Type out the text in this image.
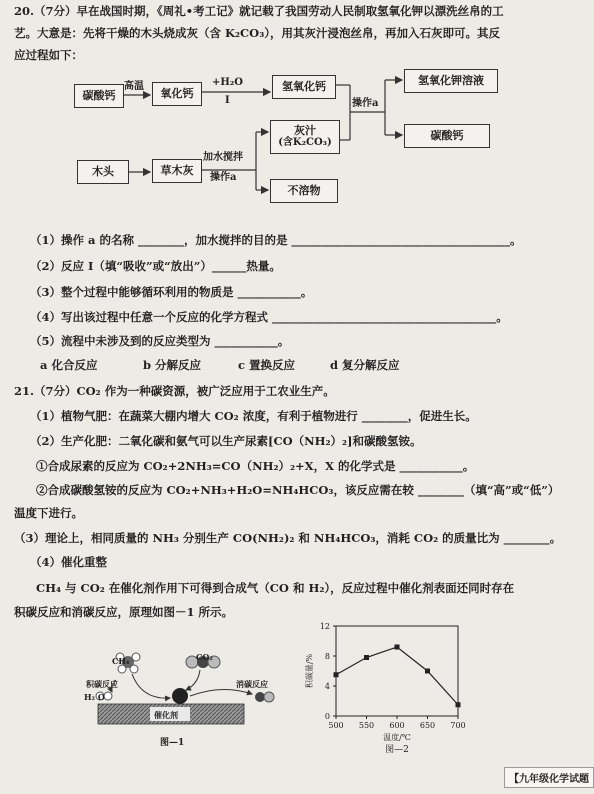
20.（7分）早在战国时期，《周礼•考工记》就记载了我国劳动人民制取氢氧化钾以漂洗丝帛的工
艺。大意是：先将干燥的木头烧成灰（含 K₂CO₃），用其灰汁浸泡丝帛，再加入石灰即可。其反
应过程如下：
碳酸钙
高温
氧化钙
+H₂O
I
氢氧化钙
操作a
氢氧化钾溶液
碳酸钙
灰汁
(含K₂CO₃)
木头	草木灰
加水搅拌
操作a
不溶物
（1）操作 a 的名称 ________，加水搅拌的目的是 ______________________________________。
（2）反应 I（填“吸收”或“放出”）______热量。
（3）整个过程中能够循环利用的物质是 ___________。
（4）写出该过程中任意一个反应的化学方程式 _______________________________________。
（5）流程中未涉及到的反应类型为 ___________。
a 化合反应	b 分解反应	c 置换反应	d 复分解反应
21.（7分）CO₂ 作为一种碳资源，被广泛应用于工农业生产。
（1）植物气肥：在蔬菜大棚内增大 CO₂ 浓度，有利于植物进行 ________，促进生长。
（2）生产化肥：二氧化碳和氨气可以生产尿素[CO（NH₂）₂]和碳酸氢铵。
①合成尿素的反应为 CO₂+2NH₃=CO（NH₂）₂+X，X 的化学式是 ___________。
②合成碳酸氢铵的反应为 CO₂+NH₃+H₂O=NH₄HCO₃，该反应需在较 ________（填“高”或“低”）
温度下进行。
（3）理论上，相同质量的 NH₃ 分别生产 CO(NH₂)₂ 和 NH₄HCO₃，消耗 CO₂ 的质量比为 ________。
（4）催化重整
CH₄ 与 CO₂ 在催化剂作用下可得到合成气（CO 和 H₂），反应过程中催化剂表面还同时存在
积碳反应和消碳反应，原理如图－1 所示。
CH₄	CO₂
积碳反应	消碳反应
H₂ O
催化剂
图—1
0
4
8
12
500 550 600 650 700
温度/℃
积碳量/%
图—2
【九年级化学试题
